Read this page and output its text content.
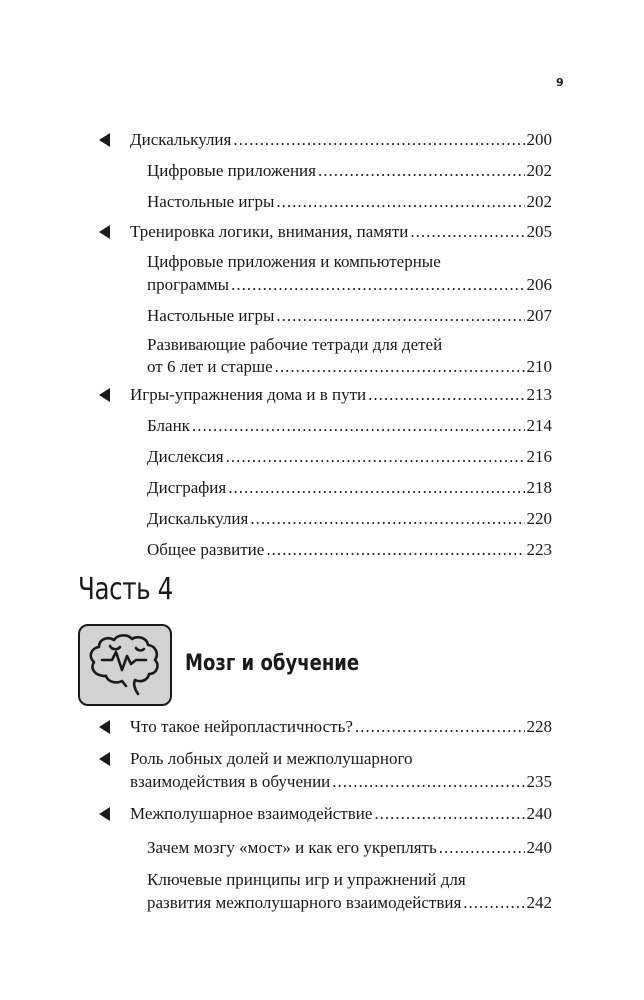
9
Дискалькулия .....	200
Цифровые приложения .....	202
Настольные игры .....	202
Тренировка логики, внимания, памяти .....	205
Цифровые приложения и компьютерные
программы .....	206
Настольные игры .....	207
Развивающие рабочие тетради для детей
от 6 лет и старше .....	210
Игры-упражнения дома и в пути .....	213
Бланк .....	214
Дислексия .....	216
Дисграфия .....	218
Дискалькулия .....	220
Общее развитие .....	223
Часть 4
Мозг и обучение
Что такое нейропластичность? .....	228
Роль лобных долей и межполушарного
взаимодействия в обучении .....	235
Межполушарное взаимодействие .....	240
Зачем мозгу «мост» и как его укреплять .....	240
Ключевые принципы игр и упражнений для
развития межполушарного взаимодействия .....	242
